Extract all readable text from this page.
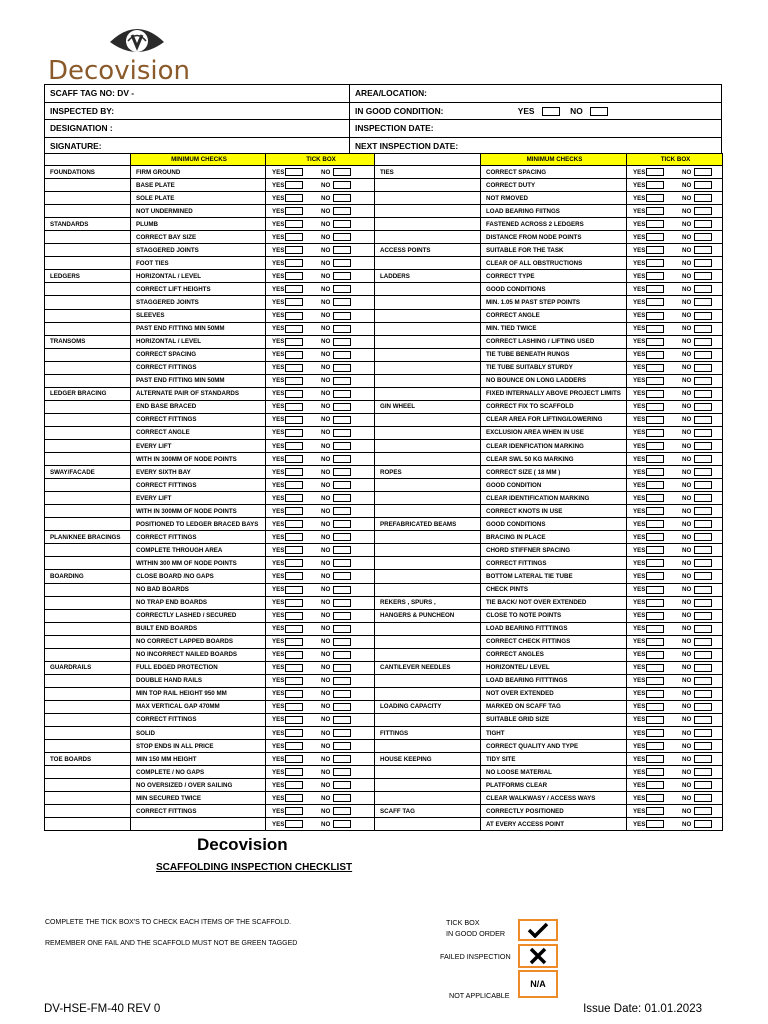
Decovision
SCAFF TAG NO: DV -	AREA/LOCATION:
INSPECTED BY:	IN GOOD CONDITION: YES NO
DESIGNATION :	INSPECTION DATE:
SIGNATURE:	NEXT INSPECTION DATE:
	MINIMUM CHECKS	TICK BOX		MINIMUM CHECKS	TICK BOX
FOUNDATIONS	FIRM GROUND	YES NO	TIES	CORRECT SPACING	YES NO

	BASE PLATE	YES NO		CORRECT DUTY	YES NO

	SOLE PLATE	YES NO		NOT RMOVED	YES NO

	NOT UNDERMINED	YES NO		LOAD BEARING FIITNGS	YES NO

STANDARDS	PLUMB	YES NO		FASTENED ACROSS 2 LEDGERS	YES NO

	CORRECT BAY SIZE	YES NO		DISTANCE FROM NODE POINTS	YES NO

	STAGGERED JOINTS	YES NO	ACCESS POINTS	SUITABLE FOR THE TASK	YES NO

	FOOT TIES	YES NO		CLEAR OF ALL OBSTRUCTIONS	YES NO

LEDGERS	HORIZONTAL / LEVEL	YES NO	LADDERS	CORRECT TYPE	YES NO

	CORRECT LIFT HEIGHTS	YES NO		GOOD CONDITIONS	YES NO

	STAGGERED JOINTS	YES NO		MIN. 1.05 M PAST STEP POINTS	YES NO

	SLEEVES	YES NO		CORRECT ANGLE	YES NO

	PAST END FITTING MIN 50MM	YES NO		MIN. TIED TWICE	YES NO

TRANSOMS	HORIZONTAL / LEVEL	YES NO		CORRECT LASHING / LIFTING USED	YES NO

	CORRECT SPACING	YES NO		TIE TUBE BENEATH RUNGS	YES NO

	CORRECT FITTINGS	YES NO		TIE TUBE SUITABLY STURDY	YES NO

	PAST END FITTING MIN 50MM	YES NO		NO BOUNCE ON LONG LADDERS	YES NO

LEDGER BRACING	ALTERNATE PAIR OF STANDARDS	YES NO		FIXED INTERNALLY ABOVE PROJECT LIMITS	YES NO

	END BASE BRACED	YES NO	GIN WHEEL	CORRECT FIX TO SCAFFOLD	YES NO

	CORRECT FITTINGS	YES NO		CLEAR AREA FOR LIFTING/LOWERING	YES NO

	CORRECT ANGLE	YES NO		EXCLUSION AREA WHEN IN USE	YES NO

	EVERY LIFT	YES NO		CLEAR IDENFICATION MARKING	YES NO

	WITH IN 300MM OF NODE POINTS	YES NO		CLEAR SWL 50 KG MARKING	YES NO

SWAY/FACADE	EVERY SIXTH BAY	YES NO	ROPES	CORRECT SIZE ( 18 MM )	YES NO

	CORRECT FITTINGS	YES NO		GOOD CONDITION	YES NO

	EVERY LIFT	YES NO		CLEAR IDENTIFICATION MARKING	YES NO

	WITH IN 300MM OF NODE POINTS	YES NO		CORRECT KNOTS IN USE	YES NO

	POSITIONED TO LEDGER BRACED BAYS	YES NO	PREFABRICATED BEAMS	GOOD CONDITIONS	YES NO

PLAN/KNEE BRACINGS	CORRECT FITTINGS	YES NO		BRACING IN PLACE	YES NO

	COMPLETE THROUGH AREA	YES NO		CHORD STIFFNER SPACING	YES NO

	WITHIN 300 MM OF NODE POINTS	YES NO		CORRECT FITTINGS	YES NO

BOARDING	CLOSE BOARD /NO GAPS	YES NO		BOTTOM LATERAL TIE TUBE	YES NO

	NO BAD BOARDS	YES NO		CHECK PINTS	YES NO

	NO TRAP END BOARDS	YES NO	REKERS , SPURS ,	TIE BACK/ NOT OVER EXTENDED	YES NO

	CORRECTLY LASHED / SECURED	YES NO	HANGERS & PUNCHEON	CLOSE TO NOTE POINTS	YES NO

	BUILT END BOARDS	YES NO		LOAD BEARING FITTTINGS	YES NO

	NO CORRECT LAPPED BOARDS	YES NO		CORRECT CHECK FITTINGS	YES NO

	NO INCORRECT NAILED BOARDS	YES NO		CORRECT ANGLES	YES NO

GUARDRAILS	FULL EDGED PROTECTION	YES NO	CANTILEVER NEEDLES	HORIZONTEL/ LEVEL	YES NO

	DOUBLE HAND RAILS	YES NO		LOAD BEARING FITTTINGS	YES NO

	MIN TOP RAIL HEIGHT 950 MM	YES NO		NOT OVER EXTENDED	YES NO

	MAX VERTICAL GAP 470MM	YES NO	LOADING CAPACITY	MARKED ON SCAFF TAG	YES NO

	CORRECT FITTINGS	YES NO		SUITABLE GRID SIZE	YES NO

	SOLID	YES NO	FITTINGS	TIGHT	YES NO

	STOP ENDS IN ALL PRICE	YES NO		CORRECT QUALITY AND TYPE	YES NO

TOE BOARDS	MIN 150 MM HEIGHT	YES NO	HOUSE KEEPING	TIDY SITE	YES NO

	COMPLETE / NO GAPS	YES NO		NO LOOSE MATERIAL	YES NO

	NO OVERSIZED / OVER SAILING	YES NO		PLATFORMS CLEAR	YES NO

	MIN SECURED TWICE	YES NO		CLEAR WALKWASY / ACCESS WAYS	YES NO

	CORRECT FITTINGS	YES NO	SCAFF TAG	CORRECTLY POSITIONED	YES NO

		YES NO		AT EVERY ACCESS POINT	YES NO
Decovision
SCAFFOLDING INSPECTION CHECKLIST
COMPLETE THE TICK BOX'S TO CHECK EACH ITEMS OF THE SCAFFOLD.
REMEMBER ONE FAIL AND THE SCAFFOLD MUST NOT BE GREEN TAGGED
TICK BOX
IN GOOD ORDER
FAILED INSPECTION
N/A
NOT APPLICABLE
DV-HSE-FM-40 REV 0	Issue Date: 01.01.2023
